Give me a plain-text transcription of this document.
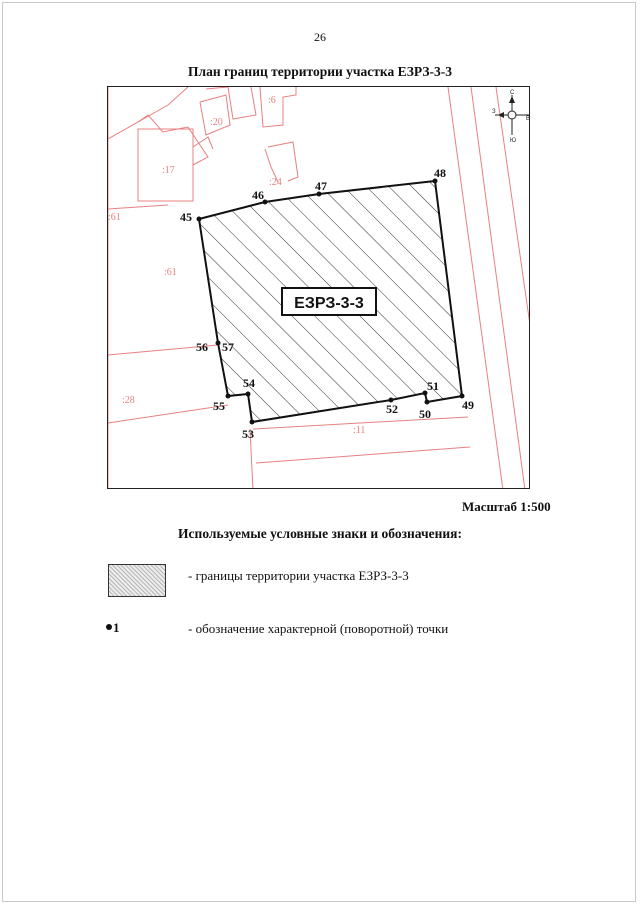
26
План границ территории участка ЕЗРЗ-3-3
:6
:20
:17
:24
:61
:61
:28
:11
С
Ю
В
З
ЕЗРЗ-3-3
45
46
47
48
49
50
51
52
53
54
55
56 57
Масштаб 1:500
Используемые условные знаки и обозначения:
- границы территории участка ЕЗРЗ-3-3
1	- обозначение характерной (поворотной) точки
